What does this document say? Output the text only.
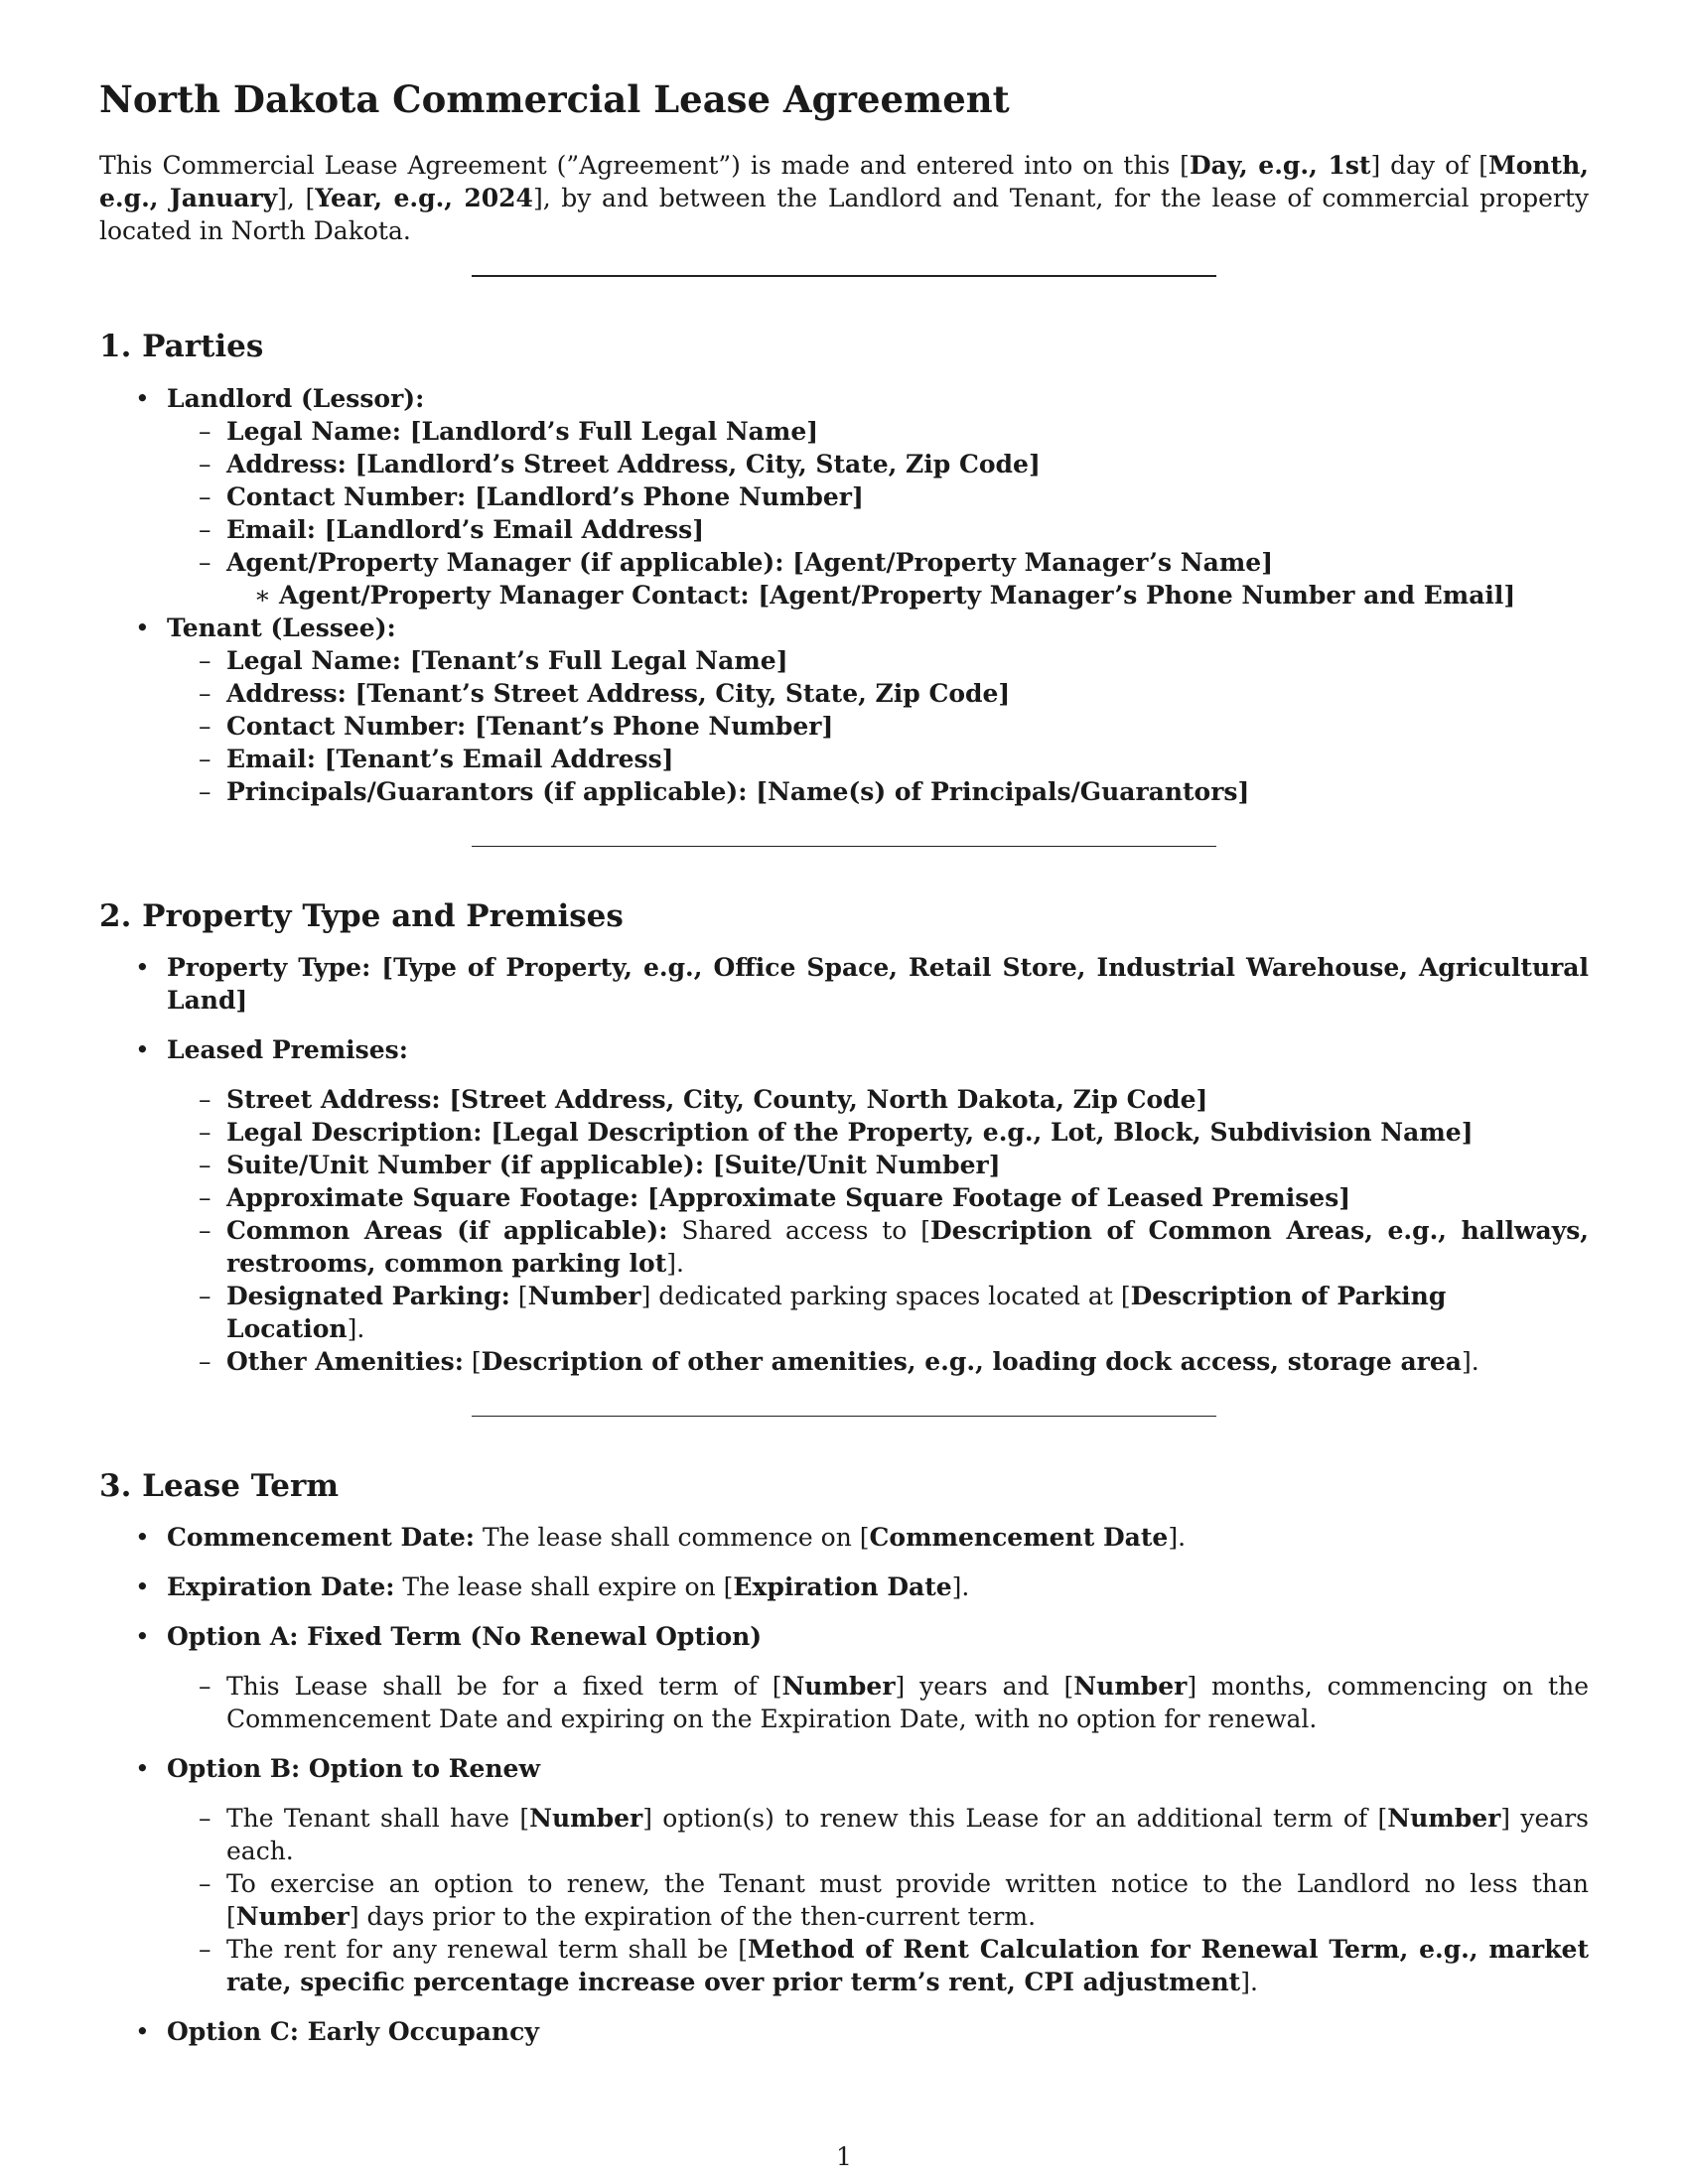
North Dakota Commercial Lease Agreement

This Commercial Lease Agreement (”Agreement”) is made and entered into on this [Day, e.g., 1st] day of [Month, e.g., January], [Year, e.g., 2024], by and between the Landlord and Tenant, for the lease of commercial property located in North Dakota.

1. Parties
• Landlord (Lessor):
– Legal Name: [Landlord’s Full Legal Name]
– Address: [Landlord’s Street Address, City, State, Zip Code]
– Contact Number: [Landlord’s Phone Number]
– Email: [Landlord’s Email Address]
– Agent/Property Manager (if applicable): [Agent/Property Manager’s Name]
∗ Agent/Property Manager Contact: [Agent/Property Manager’s Phone Number and Email]
• Tenant (Lessee):
– Legal Name: [Tenant’s Full Legal Name]
– Address: [Tenant’s Street Address, City, State, Zip Code]
– Contact Number: [Tenant’s Phone Number]
– Email: [Tenant’s Email Address]
– Principals/Guarantors (if applicable): [Name(s) of Principals/Guarantors]
2. Property Type and Premises
• Property Type: [Type of Property, e.g., Office Space, Retail Store, Industrial Warehouse, Agricultural Land]
• Leased Premises:
– Street Address: [Street Address, City, County, North Dakota, Zip Code]
– Legal Description: [Legal Description of the Property, e.g., Lot, Block, Subdivision Name]
– Suite/Unit Number (if applicable): [Suite/Unit Number]
– Approximate Square Footage: [Approximate Square Footage of Leased Premises]
– Common Areas (if applicable): Shared access to [Description of Common Areas, e.g., hallways, restrooms, common parking lot].
– Designated Parking: [Number] dedicated parking spaces located at [Description of Parking Location].
– Other Amenities: [Description of other amenities, e.g., loading dock access, storage area].
3. Lease Term
• Commencement Date: The lease shall commence on [Commencement Date].
• Expiration Date: The lease shall expire on [Expiration Date].
• Option A: Fixed Term (No Renewal Option)
– This Lease shall be for a fixed term of [Number] years and [Number] months, commencing on the Commencement Date and expiring on the Expiration Date, with no option for renewal.
• Option B: Option to Renew
– The Tenant shall have [Number] option(s) to renew this Lease for an additional term of [Number] years each.
– To exercise an option to renew, the Tenant must provide written notice to the Landlord no less than [Number] days prior to the expiration of the then-current term.
– The rent for any renewal term shall be [Method of Rent Calculation for Renewal Term, e.g., market rate, specific percentage increase over prior term’s rent, CPI adjustment].
• Option C: Early Occupancy
1
